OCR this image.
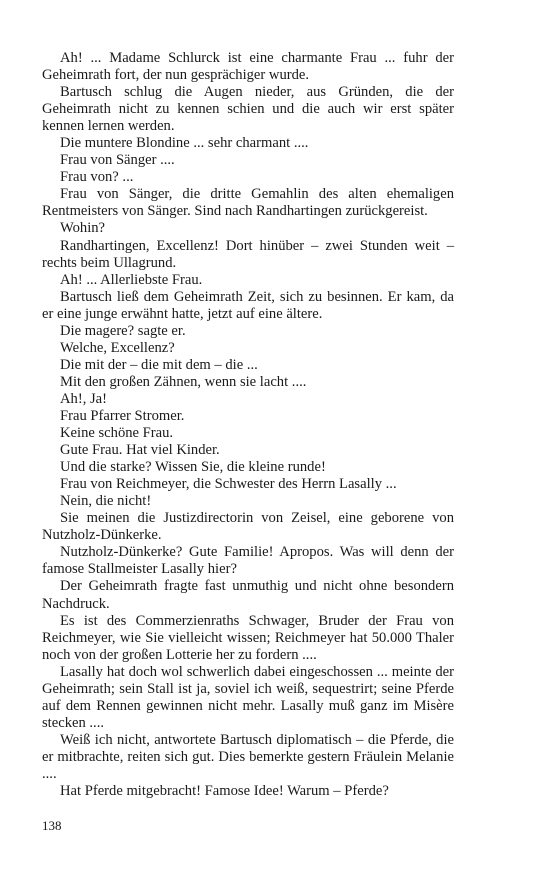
Ah! ... Madame Schlurck ist eine charmante Frau ... fuhr der Geheimrath fort, der nun gesprächiger wurde.

Bartusch schlug die Augen nieder, aus Gründen, die der Geheimrath nicht zu kennen schien und die auch wir erst später kennen lernen werden.

Die muntere Blondine ... sehr charmant ....

Frau von Sänger ....

Frau von? ...

Frau von Sänger, die dritte Gemahlin des alten ehemaligen Rentmeisters von Sänger. Sind nach Randhartingen zurückgereist.

Wohin?

Randhartingen, Excellenz! Dort hinüber – zwei Stunden weit – rechts beim Ullagrund.

Ah! ... Allerliebste Frau.

Bartusch ließ dem Geheimrath Zeit, sich zu besinnen. Er kam, da er eine junge erwähnt hatte, jetzt auf eine ältere.

Die magere? sagte er.

Welche, Excellenz?

Die mit der – die mit dem – die ...

Mit den großen Zähnen, wenn sie lacht ....

Ah!, Ja!

Frau Pfarrer Stromer.

Keine schöne Frau.

Gute Frau. Hat viel Kinder.

Und die starke? Wissen Sie, die kleine runde!

Frau von Reichmeyer, die Schwester des Herrn Lasally ...

Nein, die nicht!

Sie meinen die Justizdirectorin von Zeisel, eine geborene von Nutzholz-Dünkerke.

Nutzholz-Dünkerke? Gute Familie! Apropos. Was will denn der famose Stallmeister Lasally hier?

Der Geheimrath fragte fast unmuthig und nicht ohne besondern Nachdruck.

Es ist des Commerzienraths Schwager, Bruder der Frau von Reichmeyer, wie Sie vielleicht wissen; Reichmeyer hat 50.000 Thaler noch von der großen Lotterie her zu fordern ....

Lasally hat doch wol schwerlich dabei eingeschossen ... meinte der Geheimrath; sein Stall ist ja, soviel ich weiß, sequestrirt; seine Pferde auf dem Rennen gewinnen nicht mehr. Lasally muß ganz im Misère stecken ....

Weiß ich nicht, antwortete Bartusch diplomatisch – die Pferde, die er mitbrachte, reiten sich gut. Dies bemerkte gestern Fräulein Melanie ....

Hat Pferde mitgebracht! Famose Idee! Warum – Pferde?

138
